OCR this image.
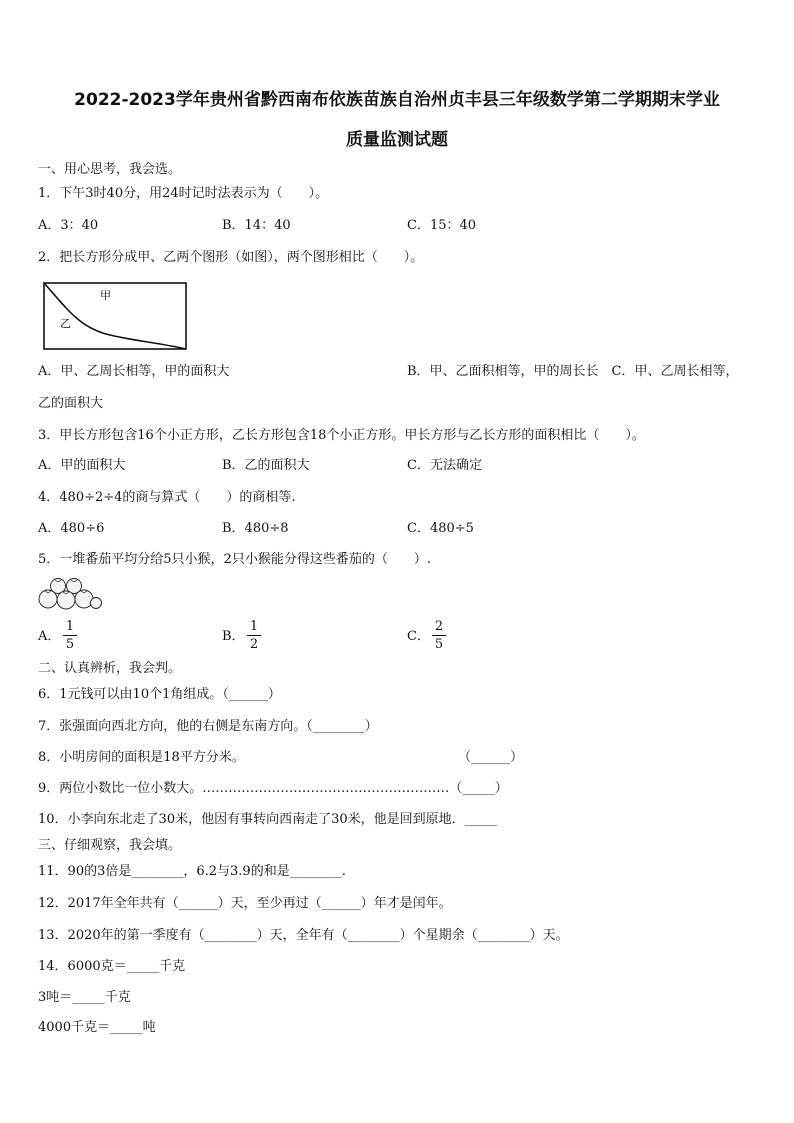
2022-2023学年贵州省黔西南布依族苗族自治州贞丰县三年级数学第二学期期末学业
质量监测试题
一、用心思考，我会选。
1．下午3时40分，用24时记时法表示为（　　）。
A．3：40	B．14：40	C．15：40
2．把长方形分成甲、乙两个图形（如图），两个图形相比（　　）。
甲
乙
A．甲、乙周长相等，甲的面积大	B．甲、乙面积相等，甲的周长长　C．甲、乙周长相等，
乙的面积大
3．甲长方形包含16个小正方形，乙长方形包含18个小正方形。甲长方形与乙长方形的面积相比（　　）。
A．甲的面积大	B．乙的面积大	C．无法确定
4．480÷2÷4的商与算式（　　）的商相等.
A．480÷6	B．480÷8	C．480÷5
5．一堆番茄平均分给5只小猴，2只小猴能分得这些番茄的（　　）.
A．
1
5
B．
1
2
C．
2
5
二、认真辨析，我会判。
6．1元钱可以由10个1角组成。（______）
7．张强面向西北方向，他的右侧是东南方向。（________）
8．小明房间的面积是18平方分米。	（______）
9．两位小数比一位小数大。…………………………………………………（_____）
10．小李向东北走了30米，他因有事转向西南走了30米，他是回到原地．_____
三、仔细观察，我会填。
11．90的3倍是________，6.2与3.9的和是________.
12．2017年全年共有（______）天，至少再过（______）年才是闰年。
13．2020年的第一季度有（________）天，全年有（________）个星期余（________）天。
14．6000克＝_____千克
3吨＝_____千克
4000千克＝_____吨
